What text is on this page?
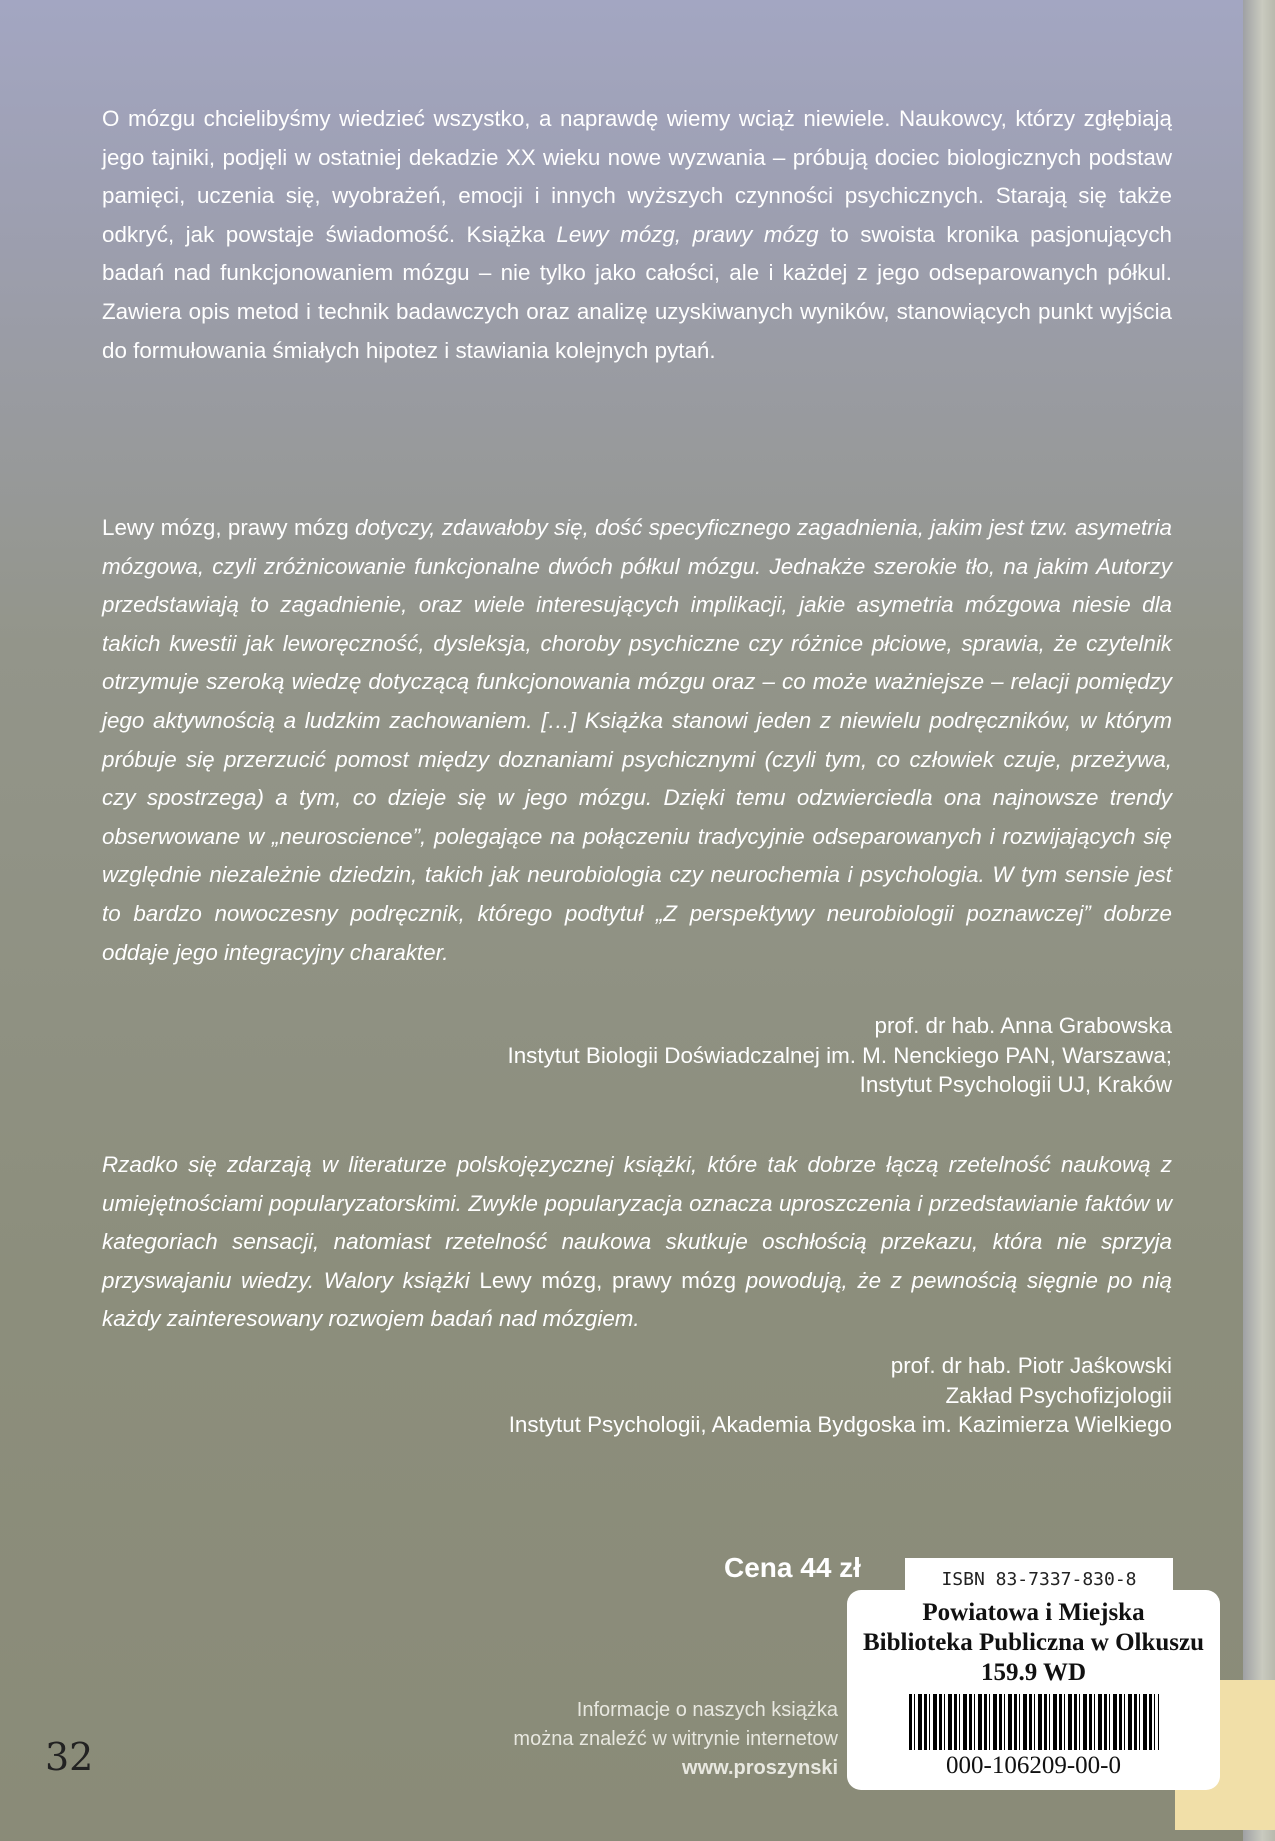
O mózgu chcielibyśmy wiedzieć wszystko, a naprawdę wiemy wciąż niewiele. Naukowcy, którzy zgłębiają jego tajniki, podjęli w ostatniej dekadzie XX wieku nowe wyzwania – próbują dociec biologicznych podstaw pamięci, uczenia się, wyobrażeń, emocji i innych wyższych czynności psychicznych. Starają się także odkryć, jak powstaje świadomość. Książka Lewy mózg, prawy mózg to swoista kronika pasjonujących badań nad funkcjonowaniem mózgu – nie tylko jako całości, ale i każdej z jego odseparowanych półkul. Zawiera opis metod i technik badawczych oraz analizę uzyskiwanych wyników, stanowiących punkt wyjścia do formułowania śmiałych hipotez i stawiania kolejnych pytań.

Lewy mózg, prawy mózg dotyczy, zdawałoby się, dość specyficznego zagadnienia, jakim jest tzw. asymetria mózgowa, czyli zróżnicowanie funkcjonalne dwóch półkul mózgu. Jednakże szerokie tło, na jakim Autorzy przedstawiają to zagadnienie, oraz wiele interesujących implikacji, jakie asymetria mózgowa niesie dla takich kwestii jak leworęczność, dysleksja, choroby psychiczne czy różnice płciowe, sprawia, że czytelnik otrzymuje szeroką wiedzę dotyczącą funkcjonowania mózgu oraz – co może ważniejsze – relacji pomiędzy jego aktywnością a ludzkim zachowaniem. […] Książka stanowi jeden z niewielu podręczników, w którym próbuje się przerzucić pomost między doznaniami psychicznymi (czyli tym, co człowiek czuje, przeżywa, czy spostrzega) a tym, co dzieje się w jego mózgu. Dzięki temu odzwierciedla ona najnowsze trendy obserwowane w „neuroscience”, polegające na połączeniu tradycyjnie odseparowanych i rozwijających się względnie niezależnie dziedzin, takich jak neurobiologia czy neurochemia i psychologia. W tym sensie jest to bardzo nowoczesny podręcznik, którego podtytuł „Z perspektywy neurobiologii poznawczej” dobrze oddaje jego integracyjny charakter.

prof. dr hab. Anna Grabowska
Instytut Biologii Doświadczalnej im. M. Nenckiego PAN, Warszawa;
Instytut Psychologii UJ, Kraków

Rzadko się zdarzają w literaturze polskojęzycznej książki, które tak dobrze łączą rzetelność naukową z umiejętnościami popularyzatorskimi. Zwykle popularyzacja oznacza uproszczenia i przedstawianie faktów w kategoriach sensacji, natomiast rzetelność naukowa skutkuje oschłością przekazu, która nie sprzyja przyswajaniu wiedzy. Walory książki Lewy mózg, prawy mózg powodują, że z pewnością sięgnie po nią każdy zainteresowany rozwojem badań nad mózgiem.

prof. dr hab. Piotr Jaśkowski
Zakład Psychofizjologii
Instytut Psychologii, Akademia Bydgoska im. Kazimierza Wielkiego
Cena 44 zł
Informacje o naszych książka
można znaleźć w witrynie internetow
www.proszynski
ISBN 83-7337-830-8
Powiatowa i Miejska
Biblioteka Publiczna w Olkuszu
159.9 WD
000-106209-00-0
32
